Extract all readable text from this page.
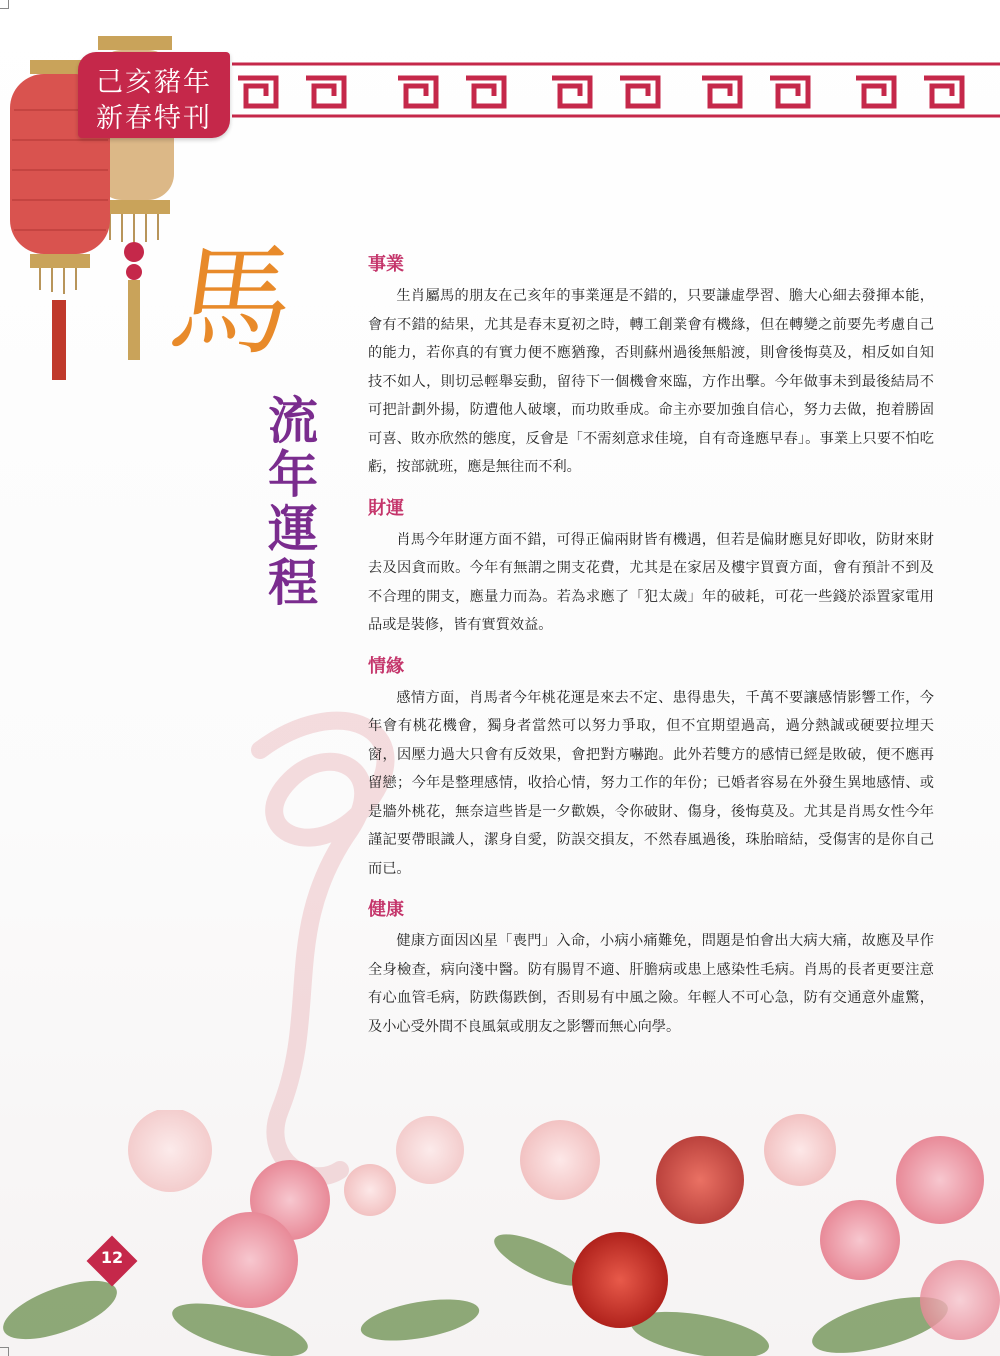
己亥豬年
新春特刊
馬
流年運程
事業

生肖屬馬的朋友在己亥年的事業運是不錯的，只要謙虛學習、膽大心細去發揮本能，會有不錯的結果，尤其是春末夏初之時，轉工創業會有機緣，但在轉變之前要先考慮自己的能力，若你真的有實力便不應猶豫，否則蘇州過後無船渡，則會後悔莫及，相反如自知技不如人，則切忌輕舉妄動，留待下一個機會來臨，方作出擊。今年做事未到最後結局不可把計劃外揚，防遭他人破壞，而功敗垂成。命主亦要加強自信心，努力去做，抱着勝固可喜、敗亦欣然的態度，反會是「不需刻意求佳境，自有奇逢應早春」。事業上只要不怕吃虧，按部就班，應是無往而不利。

財運

肖馬今年財運方面不錯，可得正偏兩財皆有機遇，但若是偏財應見好即收，防財來財去及因貪而敗。今年有無謂之開支花費，尤其是在家居及樓宇買賣方面，會有預計不到及不合理的開支，應量力而為。若為求應了「犯太歲」年的破耗，可花一些錢於添置家電用品或是裝修，皆有實質效益。

情緣

感情方面，肖馬者今年桃花運是來去不定、患得患失，千萬不要讓感情影響工作，今年會有桃花機會，獨身者當然可以努力爭取，但不宜期望過高，過分熱誠或硬要拉埋天窗，因壓力過大只會有反效果，會把對方嚇跑。此外若雙方的感情已經是敗破，便不應再留戀；今年是整理感情，收拾心情，努力工作的年份；已婚者容易在外發生異地感情、或是牆外桃花，無奈這些皆是一夕歡娛，令你破財、傷身，後悔莫及。尤其是肖馬女性今年謹記要帶眼識人，潔身自愛，防誤交損友，不然春風過後，珠胎暗結，受傷害的是你自己而已。

健康

健康方面因凶星「喪門」入命，小病小痛難免，問題是怕會出大病大痛，故應及早作全身檢查，病向淺中醫。防有腸胃不適、肝膽病或患上感染性毛病。肖馬的長者更要注意有心血管毛病，防跌傷跌倒，否則易有中風之險。年輕人不可心急，防有交通意外虛驚，及小心受外間不良風氣或朋友之影響而無心向學。

12
